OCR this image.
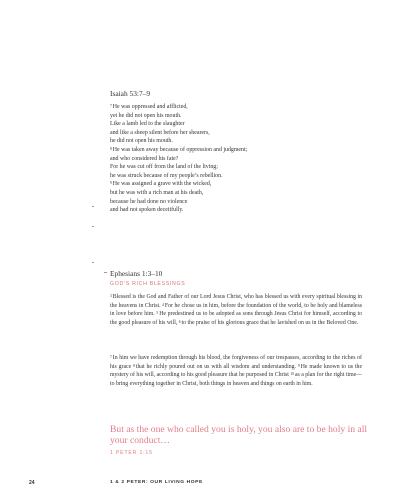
Isaiah 53:7–9
$^7$He was oppressed and afflicted,
yet he did not open his mouth.
Like a lamb led to the slaughter
and like a sheep silent before her shearers,
he did not open his mouth.
$^8$He was taken away because of oppression and judgment;
and who considered his fate?
For he was cut off from the land of the living;
he was struck because of my people’s rebellion.
$^9$He was assigned a grave with the wicked,
but he was with a rich man at his death,
because he had done no violence
and had not spoken deceitfully.
Ephesians 1:3–10
GOD’S RICH BLESSINGS
$^3$Blessed is the God and Father of our Lord Jesus Christ, who has blessed us with every spiritual blessing in the heavens in Christ. $^4$For he chose us in him, before the foundation of the world, to be holy and blameless in love before him. $^5$He predestined us to be adopted as sons through Jesus Christ for himself, according to the good pleasure of his will, $^6$to the praise of his glorious grace that he lavished on us in the Beloved One.
$^7$In him we have redemption through his blood, the forgiveness of our trespasses, according to the riches of his grace $^8$that he richly poured out on us with all wisdom and understanding. $^9$He made known to us the mystery of his will, according to his good pleasure that he purposed in Christ $^{10}$as a plan for the right time—to bring everything together in Christ, both things in heaven and things on earth in him.
But as the one who called you is holy, you also are to be holy in all your conduct…
1 PETER 1:15
24	1 & 2 PETER: OUR LIVING HOPE
